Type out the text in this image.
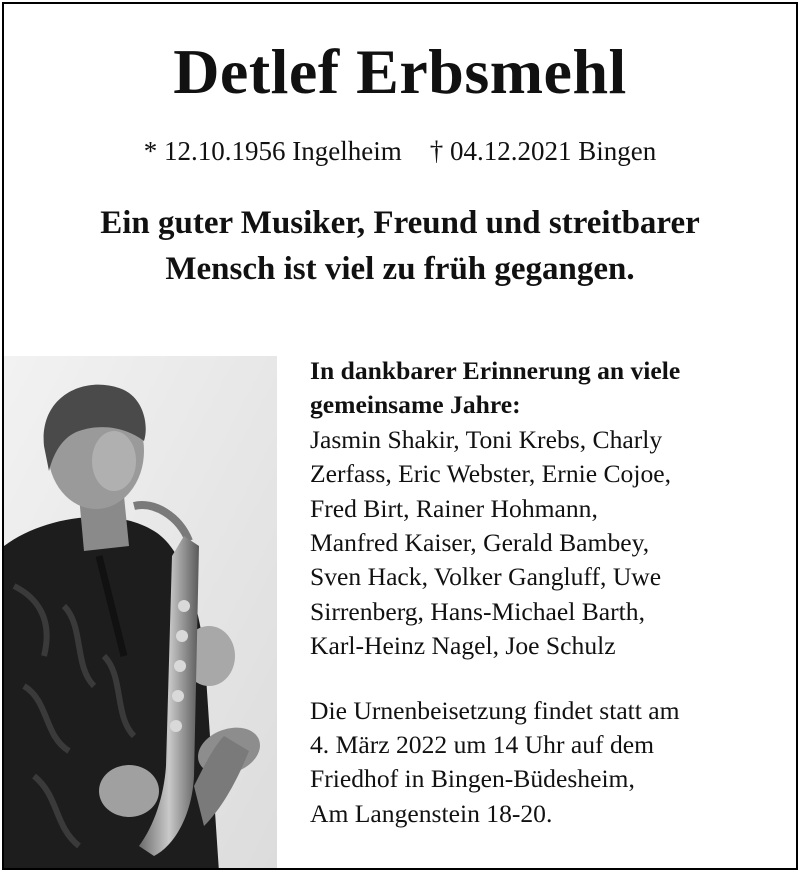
Detlef Erbsmehl
* 12.10.1956 Ingelheim † 04.12.2021 Bingen
Ein guter Musiker, Freund und streitbarer
Mensch ist viel zu früh gegangen.
In dankbarer Erinnerung an viele
gemeinsame Jahre:
Jasmin Shakir, Toni Krebs, Charly
Zerfass, Eric Webster, Ernie Cojoe,
Fred Birt, Rainer Hohmann,
Manfred Kaiser, Gerald Bambey,
Sven Hack, Volker Gangluff, Uwe
Sirrenberg, Hans-Michael Barth,
Karl-Heinz Nagel, Joe Schulz
Die Urnenbeisetzung findet statt am
4. März 2022 um 14 Uhr auf dem
Friedhof in Bingen-Büdesheim,
Am Langenstein 18-20.
